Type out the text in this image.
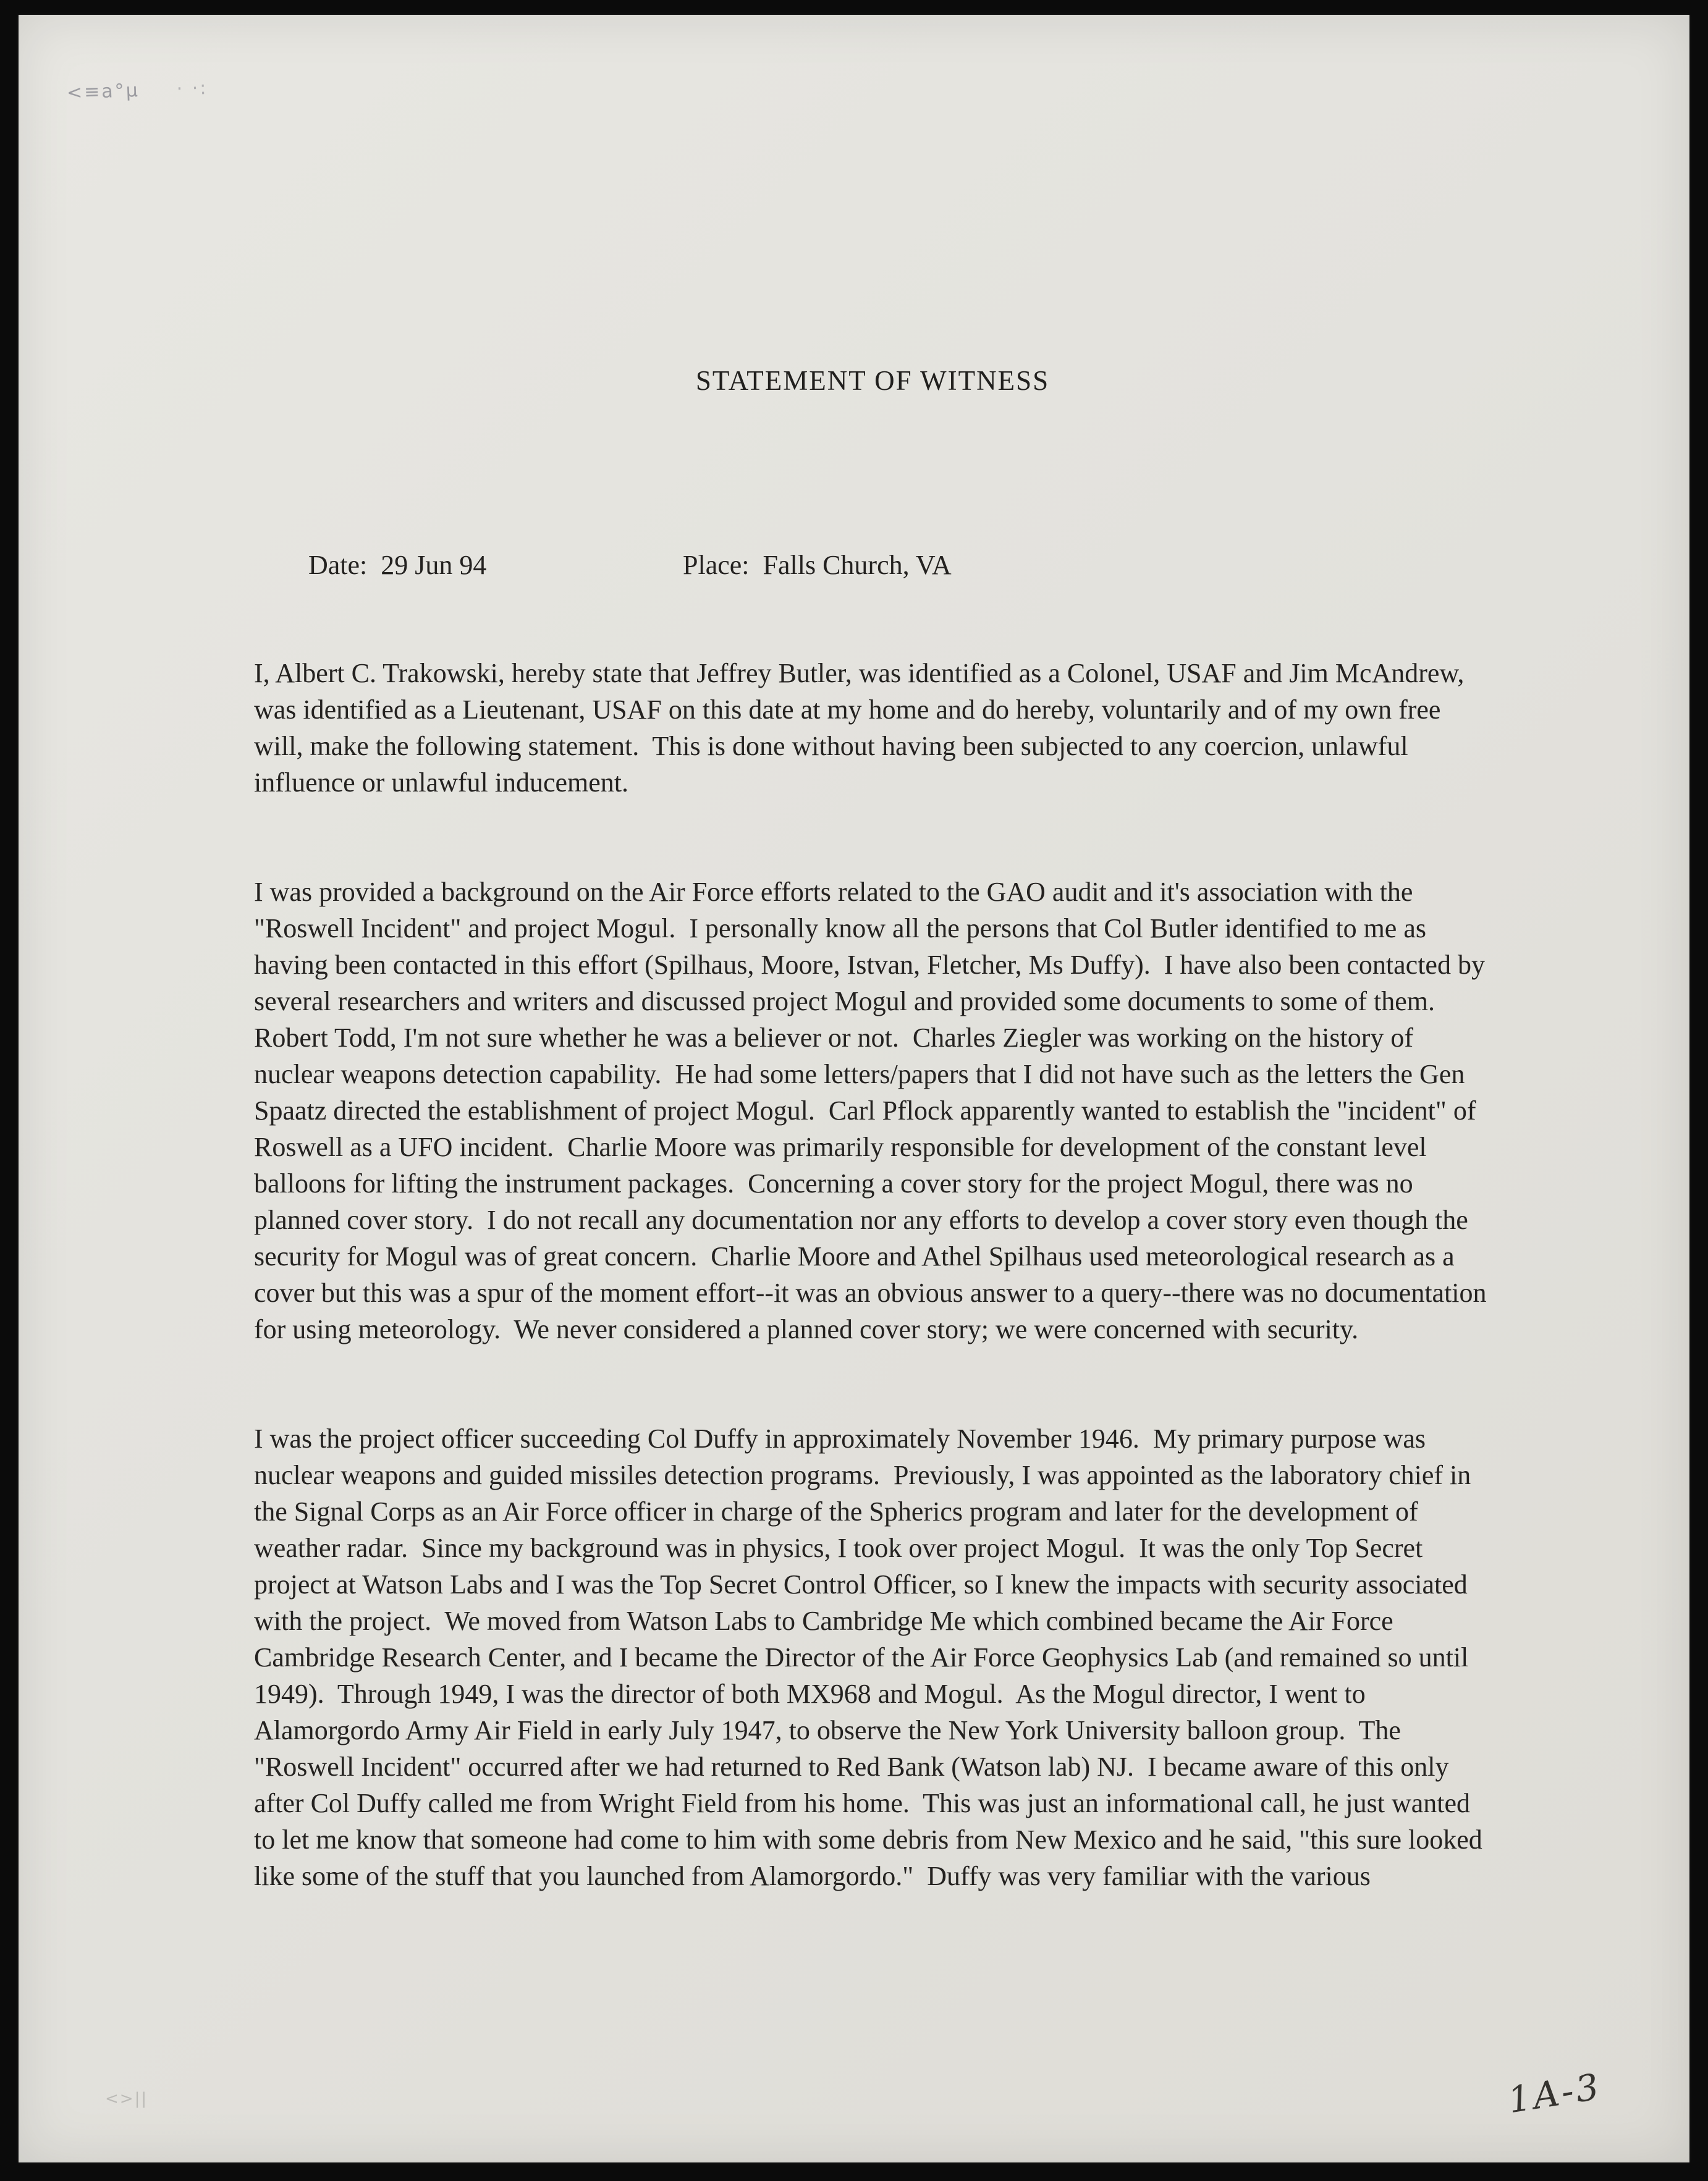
<≡a°µ · ·:
STATEMENT OF WITNESS

Date: 29 Jun 94	Place: Falls Church, VA

I, Albert C. Trakowski, hereby state that Jeffrey Butler, was identified as a Colonel, USAF and Jim McAndrew, was identified as a Lieutenant, USAF on this date at my home and do hereby, voluntarily and of my own free will, make the following statement.  This is done without having been subjected to any coercion, unlawful influence or unlawful inducement.

I was provided a background on the Air Force efforts related to the GAO audit and it's association with the "Roswell Incident" and project Mogul.  I personally know all the persons that Col Butler identified to me as having been contacted in this effort (Spilhaus, Moore, Istvan, Fletcher, Ms Duffy).  I have also been contacted by several researchers and writers and discussed project Mogul and provided some documents to some of them.  Robert Todd, I'm not sure whether he was a believer or not.  Charles Ziegler was working on the history of nuclear weapons detection capability.  He had some letters/papers that I did not have such as the letters the Gen Spaatz directed the establishment of project Mogul.  Carl Pflock apparently wanted to establish the "incident" of Roswell as a UFO incident.  Charlie Moore was primarily responsible for development of the constant level balloons for lifting the instrument packages.  Concerning a cover story for the project Mogul, there was no planned cover story.  I do not recall any documentation nor any efforts to develop a cover story even though the security for Mogul was of great concern.  Charlie Moore and Athel Spilhaus used meteorological research as a cover but this was a spur of the moment effort--it was an obvious answer to a query--there was no documentation for using meteorology.  We never considered a planned cover story; we were concerned with security.

I was the project officer succeeding Col Duffy in approximately November 1946.  My primary purpose was nuclear weapons and guided missiles detection programs.  Previously, I was appointed as the laboratory chief in the Signal Corps as an Air Force officer in charge of the Spherics program and later for the development of weather radar.  Since my background was in physics, I took over project Mogul.  It was the only Top Secret project at Watson Labs and I was the Top Secret Control Officer, so I knew the impacts with security associated with the project.  We moved from Watson Labs to Cambridge Me which combined became the Air Force Cambridge Research Center, and I became the Director of the Air Force Geophysics Lab (and remained so until 1949).  Through 1949, I was the director of both MX968 and Mogul.  As the Mogul director, I went to Alamorgordo Army Air Field in early July 1947, to observe the New York University balloon group.  The "Roswell Incident" occurred after we had returned to Red Bank (Watson lab) NJ.  I became aware of this only after Col Duffy called me from Wright Field from his home.  This was just an informational call, he just wanted to let me know that someone had come to him with some debris from New Mexico and he said, "this sure looked like some of the stuff that you launched from Alamorgordo."  Duffy was very familiar with the various

<>||	1A-3
